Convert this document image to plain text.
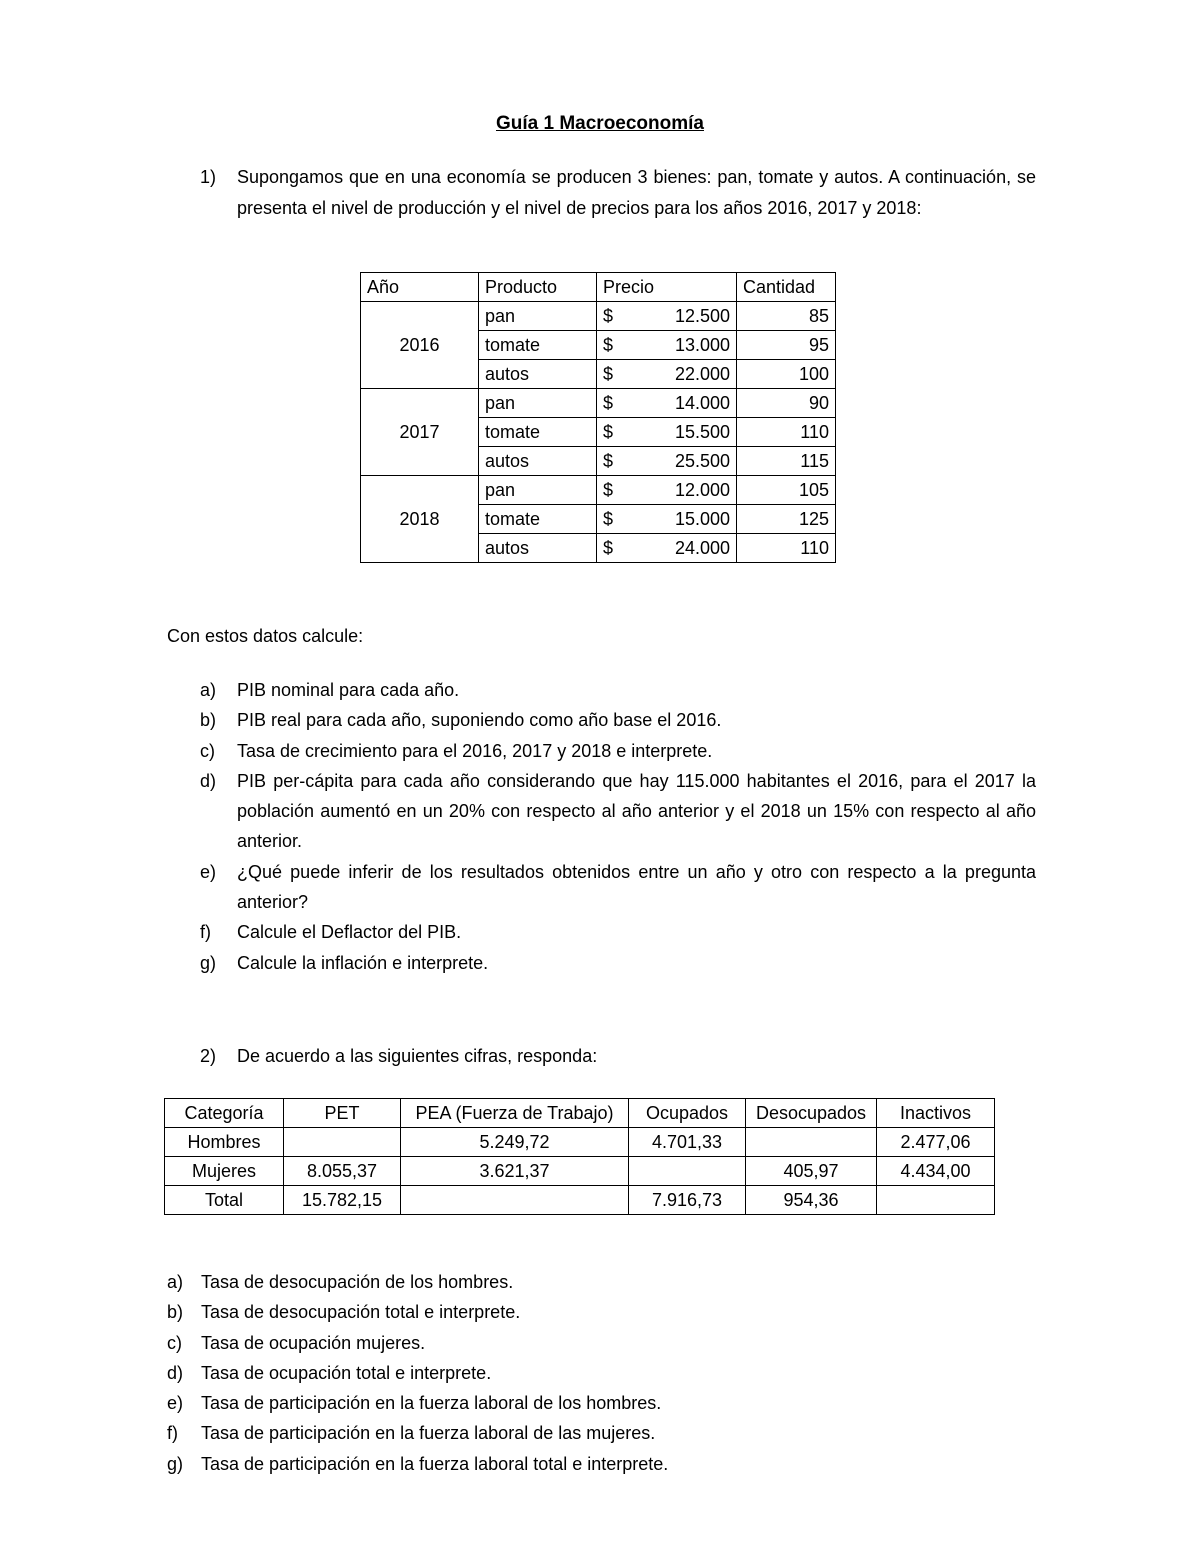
Guía 1 Macroeconomía
1) Supongamos que en una economía se producen 3 bienes: pan, tomate y autos. A continuación, se presenta el nivel de producción y el nivel de precios para los años 2016, 2017 y 2018:
Año	Producto	Precio	Cantidad
2016	pan	$ 12.500	85
	tomate	$ 13.000	95
	autos	$ 22.000	100
2017	pan	$ 14.000	90
	tomate	$ 15.500	110
	autos	$ 25.500	115
2018	pan	$ 12.000	105
	tomate	$ 15.000	125
	autos	$ 24.000	110
Con estos datos calcule:
a) PIB nominal para cada año.
b) PIB real para cada año, suponiendo como año base el 2016.
c) Tasa de crecimiento para el 2016, 2017 y 2018 e interprete.
d) PIB per-cápita para cada año considerando que hay 115.000 habitantes el 2016, para el 2017 la población aumentó en un 20% con respecto al año anterior y el 2018 un 15% con respecto al año anterior.
e) ¿Qué puede inferir de los resultados obtenidos entre un año y otro con respecto a la pregunta anterior?
f) Calcule el Deflactor del PIB.
g) Calcule la inflación e interprete.
2) De acuerdo a las siguientes cifras, responda:
Categoría	PET	PEA (Fuerza de Trabajo)	Ocupados	Desocupados	Inactivos
Hombres		5.249,72	4.701,33		2.477,06
Mujeres	8.055,37	3.621,37		405,97	4.434,00
Total	15.782,15		7.916,73	954,36	
a) Tasa de desocupación de los hombres.
b) Tasa de desocupación total e interprete.
c) Tasa de ocupación mujeres.
d) Tasa de ocupación total e interprete.
e) Tasa de participación en la fuerza laboral de los hombres.
f) Tasa de participación en la fuerza laboral de las mujeres.
g) Tasa de participación en la fuerza laboral total e interprete.
